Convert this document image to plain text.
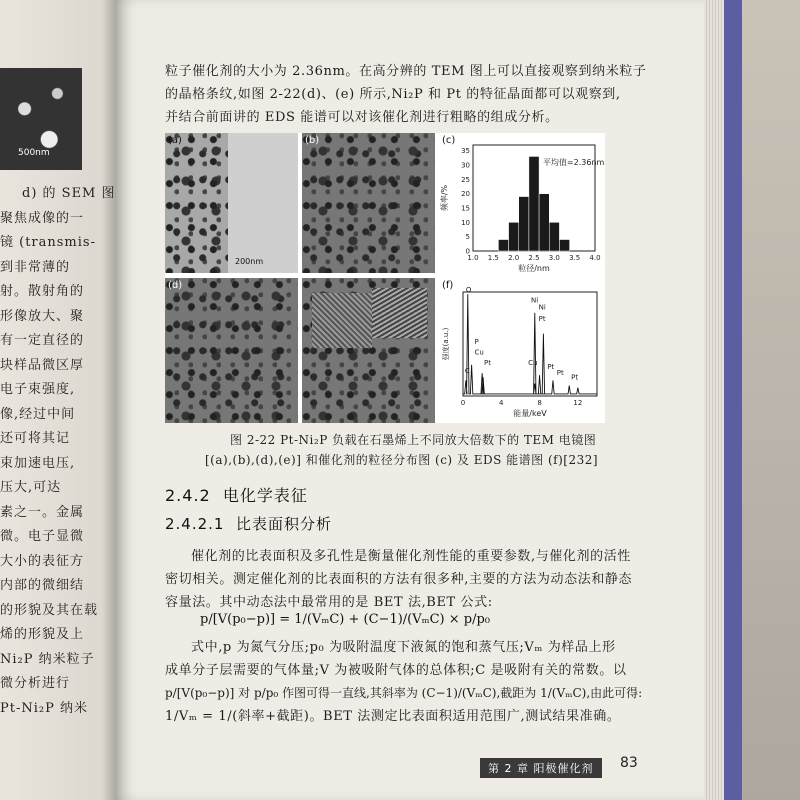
500nm
d) 的 SEM 图
聚焦成像的一
镜 (transmis-
到非常薄的
射。散射角的
形像放大、聚
有一定直径的
块样品微区厚
电子束强度,
像,经过中间
还可将其记
束加速电压,
压大,可达
素之一。金属
微。电子显微
大小的表征方
内部的微细结
的形貌及其在载
烯的形貌及上
Ni₂P 纳米粒子
微分析进行
Pt-Ni₂P 纳米

粒子催化剂的大小为 2.36nm。在高分辨的 TEM 图上可以直接观察到纳米粒子

的晶格条纹,如图 2-22(d)、(e) 所示,Ni₂P 和 Pt 的特征晶面都可以观察到,

并结合前面讲的 EDS 能谱可以对该催化剂进行粗略的组成分析。

(a)
200nm
(b)	(c)
1.0 1.5 2.0 2.5 3.0 3.5 4.0
0
5
10
15
20
25
30
35
粒径/nm
频率/%
平均值=2.36nm
(d)	(f)
C
O
Cu
P
Pt
Ni
Pt
Ni
Cu
Pt
Pt
Pt
0	4	8	12
能量/keV
强度(a.u.)
图 2-22 Pt-Ni₂P 负载在石墨烯上不同放大倍数下的 TEM 电镜图
[(a),(b),(d),(e)] 和催化剂的粒径分布图 (c) 及 EDS 能谱图 (f)[232]
2.4.2 电化学表征
2.4.2.1 比表面积分析

催化剂的比表面积及多孔性是衡量催化剂性能的重要参数,与催化剂的活性

密切相关。测定催化剂的比表面积的方法有很多种,主要的方法为动态法和静态

容量法。其中动态法中最常用的是 BET 法,BET 公式:

p/[V(p₀−p)] = 1/(VₘC) + (C−1)/(VₘC) × p/p₀

式中,p 为氮气分压;p₀ 为吸附温度下液氮的饱和蒸气压;Vₘ 为样品上形

成单分子层需要的气体量;V 为被吸附气体的总体积;C 是吸附有关的常数。以

p/[V(p₀−p)] 对 p/p₀ 作图可得一直线,其斜率为 (C−1)/(VₘC),截距为 1/(VₘC),由此可得:

1/Vₘ = 1/(斜率+截距)。BET 法测定比表面积适用范围广,测试结果准确。

第 2 章 阳极催化剂	83
